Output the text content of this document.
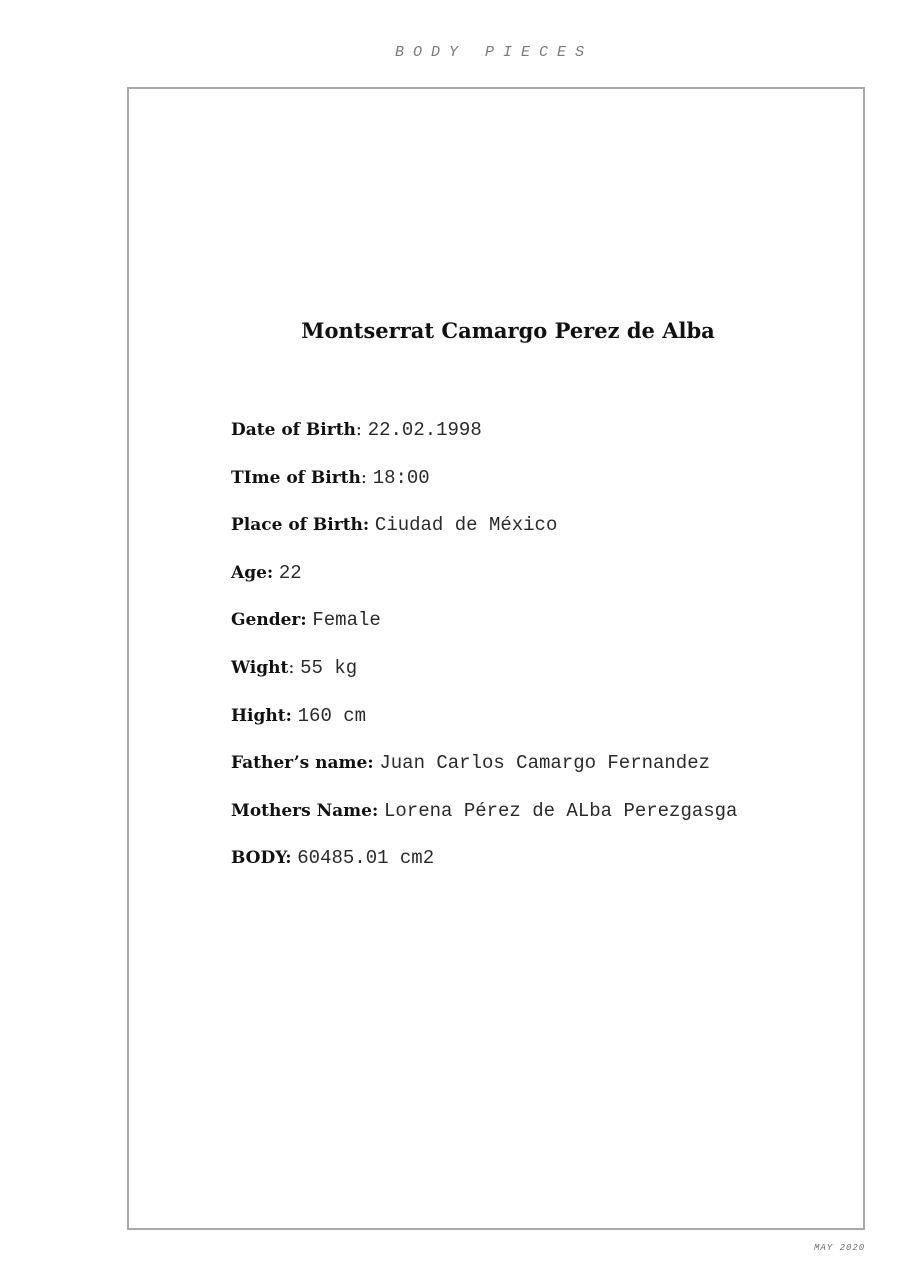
BODY PIECES
Montserrat Camargo Perez de Alba
Date of Birth: 22.02.1998
TIme of Birth: 18:00
Place of Birth: Ciudad de México
Age: 22
Gender: Female
Wight: 55 kg
Hight: 160 cm
Father’s name: Juan Carlos Camargo Fernandez
Mothers Name: Lorena Pérez de ALba Perezgasga
BODY: 60485.01 cm2
MAY 2020
